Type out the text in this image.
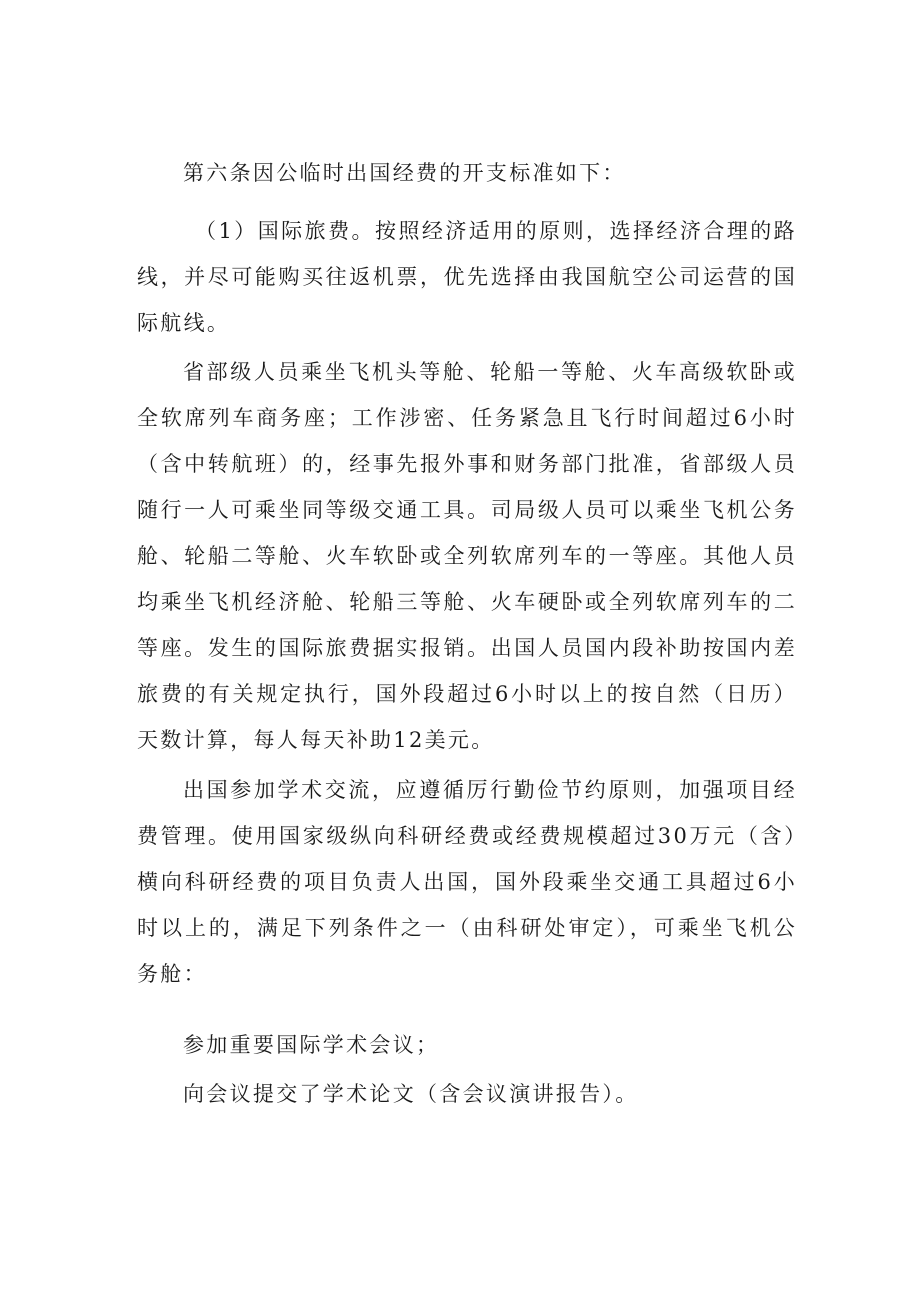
第六条因公临时出国经费的开支标准如下：

（1）国际旅费。按照经济适用的原则，选择经济合理的路线，并尽可能购买往返机票，优先选择由我国航空公司运营的国际航线。

省部级人员乘坐飞机头等舱、轮船一等舱、火车高级软卧或全软席列车商务座；工作涉密、任务紧急且飞行时间超过6小时（含中转航班）的，经事先报外事和财务部门批准，省部级人员随行一人可乘坐同等级交通工具。司局级人员可以乘坐飞机公务舱、轮船二等舱、火车软卧或全列软席列车的一等座。其他人员均乘坐飞机经济舱、轮船三等舱、火车硬卧或全列软席列车的二等座。发生的国际旅费据实报销。出国人员国内段补助按国内差旅费的有关规定执行，国外段超过6小时以上的按自然（日历）天数计算，每人每天补助12美元。

出国参加学术交流，应遵循厉行勤俭节约原则，加强项目经费管理。使用国家级纵向科研经费或经费规模超过30万元（含）横向科研经费的项目负责人出国，国外段乘坐交通工具超过6小时以上的，满足下列条件之一（由科研处审定），可乘坐飞机公务舱：

参加重要国际学术会议；

向会议提交了学术论文（含会议演讲报告）。
